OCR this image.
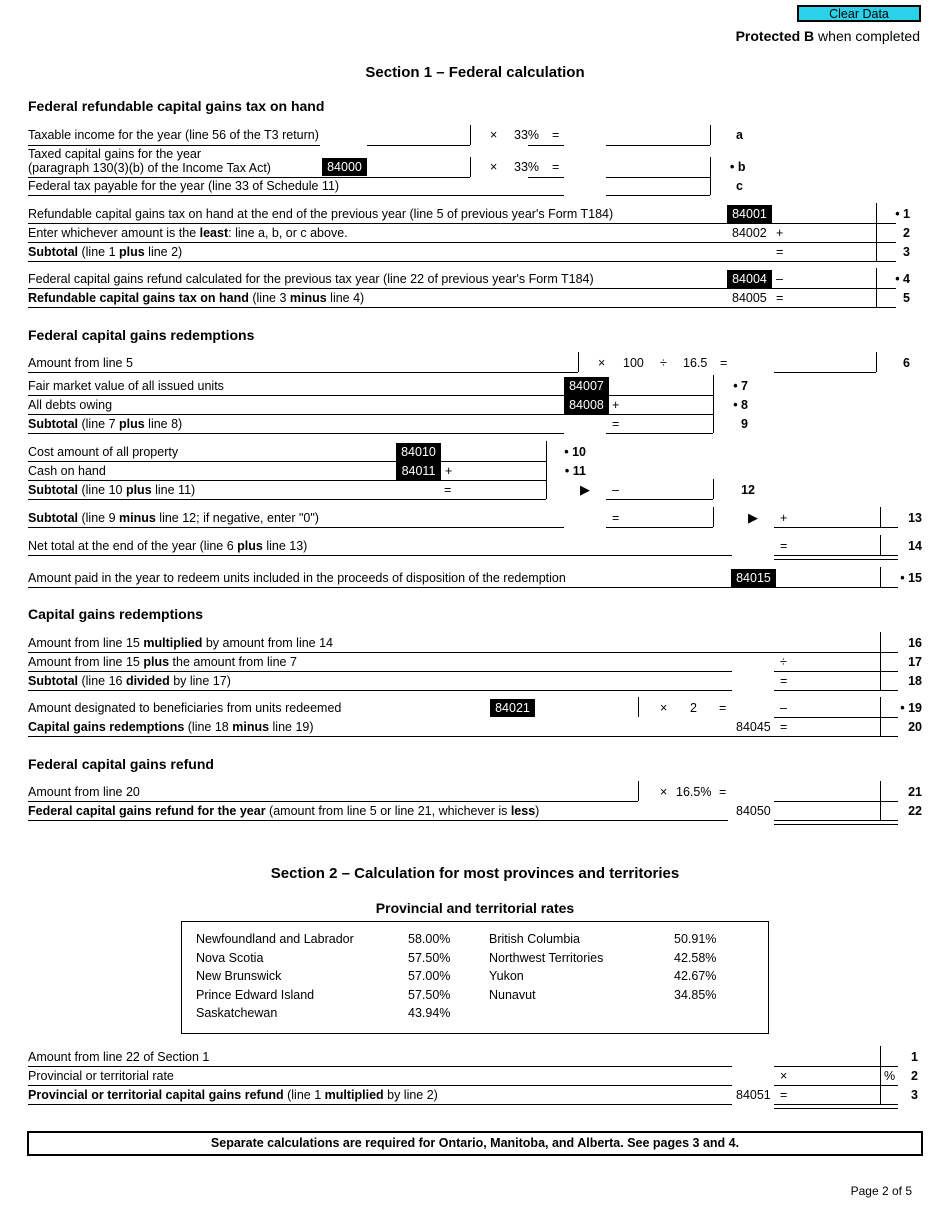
Clear Data
Protected B when completed
Section 1 – Federal calculation
Federal refundable capital gains tax on hand
Taxable income for the year (line 56 of the T3 return)	× 33% =	a
Taxed capital gains for the year
(paragraph 130(3)(b) of the Income Tax Act)	84000	× 33% =	• b
Federal tax payable for the year (line 33 of Schedule 11)	c
Refundable capital gains tax on hand at the end of the previous year (line 5 of previous year's Form T184)	84001	• 1
Enter whichever amount is the least: line a, b, or c above.	84002 +	2
Subtotal (line 1 plus line 2)	=	3
Federal capital gains refund calculated for the previous tax year (line 22 of previous year's Form T184)	84004 –	• 4
Refundable capital gains tax on hand (line 3 minus line 4)	84005 =	5
Federal capital gains redemptions
Amount from line 5	× 100 ÷ 16.5 =	6
Fair market value of all issued units	84007	• 7
All debts owing	84008 +	• 8
Subtotal (line 7 plus line 8)	=	9
Cost amount of all property	84010	• 10
Cash on hand	84011 +	• 11
Subtotal (line 10 plus line 11)	=	▶ –	12
Subtotal (line 9 minus line 12; if negative, enter "0")	=	▶ +	13
Net total at the end of the year (line 6 plus line 13)	=	14
Amount paid in the year to redeem units included in the proceeds of disposition of the redemption	84015	• 15
Capital gains redemptions
Amount from line 15 multiplied by amount from line 14	16
Amount from line 15 plus the amount from line 7	÷	17
Subtotal (line 16 divided by line 17)	=	18
Amount designated to beneficiaries from units redeemed	84021	× 2 =	–	• 19
Capital gains redemptions (line 18 minus line 19)	84045 =	20
Federal capital gains refund
Amount from line 20	× 16.5% =	21
Federal capital gains refund for the year (amount from line 5 or line 21, whichever is less)	84050	22
Section 2 – Calculation for most provinces and territories
Provincial and territorial rates
Newfoundland and Labrador	58.00%
Nova Scotia	57.50%
New Brunswick	57.00%
Prince Edward Island	57.50%
Saskatchewan	43.94%
British Columbia	50.91%
Northwest Territories	42.58%
Yukon	42.67%
Nunavut	34.85%
Amount from line 22 of Section 1	1
Provincial or territorial rate	×	%	2
Provincial or territorial capital gains refund (line 1 multiplied by line 2)	84051 =	3
Separate calculations are required for Ontario, Manitoba, and Alberta. See pages 3 and 4.
Page 2 of 5
